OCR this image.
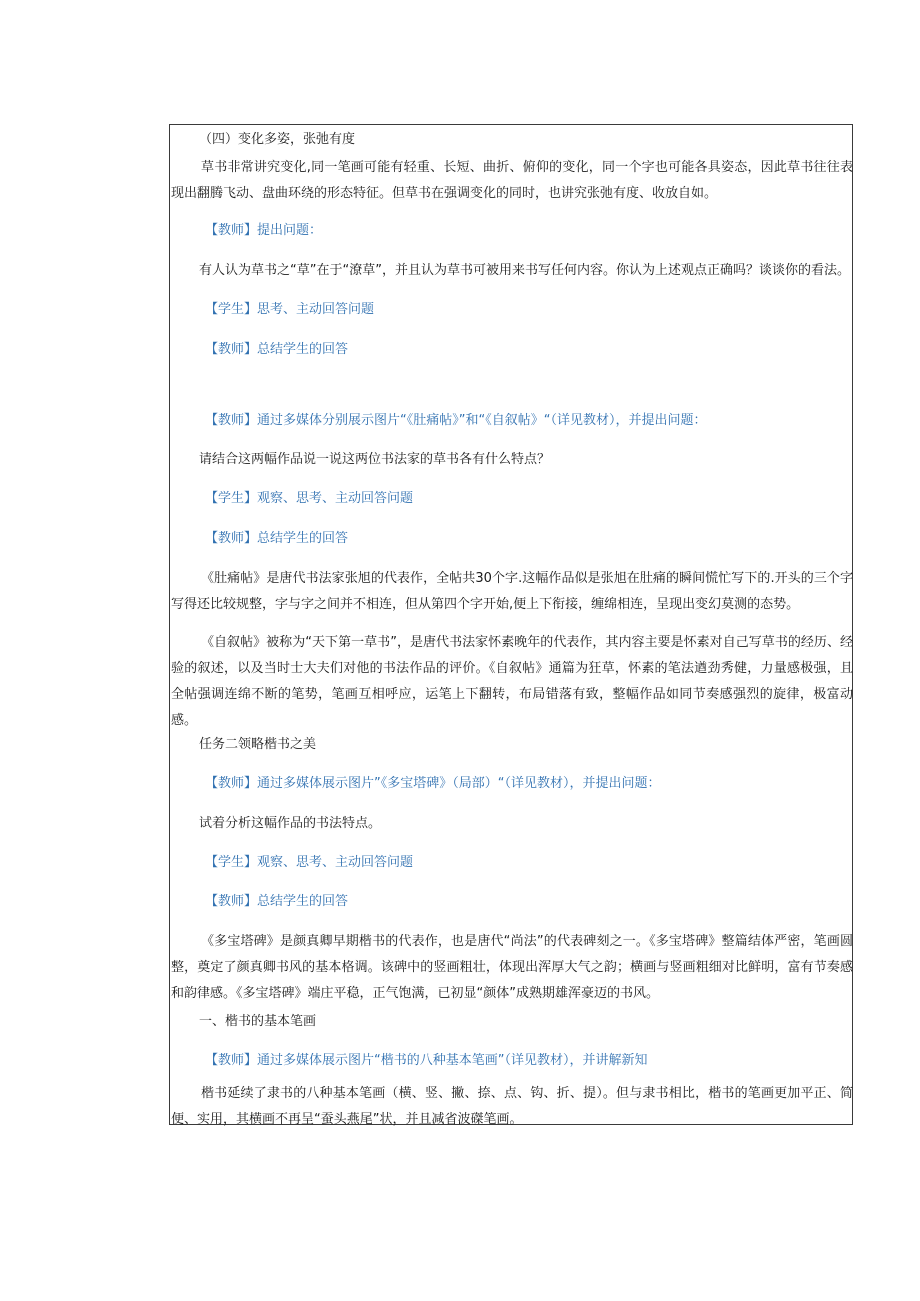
（四）变化多姿，张弛有度

草书非常讲究变化,同一笔画可能有轻重、长短、曲折、俯仰的变化，同一个字也可能各具姿态，因此草书往往表现出翻腾飞动、盘曲环绕的形态特征。但草书在强调变化的同时，也讲究张弛有度、收放自如。

【教师】提出问题：

有人认为草书之“草”在于“潦草”，并且认为草书可被用来书写任何内容。你认为上述观点正确吗？谈谈你的看法。

【学生】思考、主动回答问题

【教师】总结学生的回答

【教师】通过多媒体分别展示图片“《肚痛帖》”和“《自叙帖》“（详见教材），并提出问题：

请结合这两幅作品说一说这两位书法家的草书各有什么特点？

【学生】观察、思考、主动回答问题

【教师】总结学生的回答

《肚痛帖》是唐代书法家张旭的代表作，全帖共30个字.这幅作品似是张旭在肚痛的瞬间慌忙写下的.开头的三个字写得还比较规整，字与字之间并不相连，但从第四个字开始,便上下衔接，缠绵相连，呈现出变幻莫测的态势。

《自叙帖》被称为“天下第一草书”，是唐代书法家怀素晚年的代表作，其内容主要是怀素对自己写草书的经历、经验的叙述，以及当时士大夫们对他的书法作品的评价。《自叙帖》通篇为狂草，怀素的笔法遒劲秀健，力量感极强，且全帖强调连绵不断的笔势，笔画互相呼应，运笔上下翻转，布局错落有致，整幅作品如同节奏感强烈的旋律，极富动感。

任务二领略楷书之美

【教师】通过多媒体展示图片”《多宝塔碑》（局部）“（详见教材），并提出问题：

试着分析这幅作品的书法特点。

【学生】观察、思考、主动回答问题

【教师】总结学生的回答

《多宝塔碑》是颜真卿早期楷书的代表作，也是唐代“尚法”的代表碑刻之一。《多宝塔碑》整篇结体严密，笔画圆整，奠定了颜真卿书风的基本格调。该碑中的竖画粗壮，体现出浑厚大气之韵；横画与竖画粗细对比鲜明，富有节奏感和韵律感。《多宝塔碑》端庄平稳，正气饱满，已初显“颜体”成熟期雄浑豪迈的书风。

一、楷书的基本笔画

【教师】通过多媒体展示图片“楷书的八种基本笔画”（详见教材），并讲解新知

楷书延续了隶书的八种基本笔画（横、竖、撇、捺、点、钩、折、提）。但与隶书相比，楷书的笔画更加平正、简便、实用，其横画不再呈“蚕头燕尾”状，并且减省波磔笔画。
